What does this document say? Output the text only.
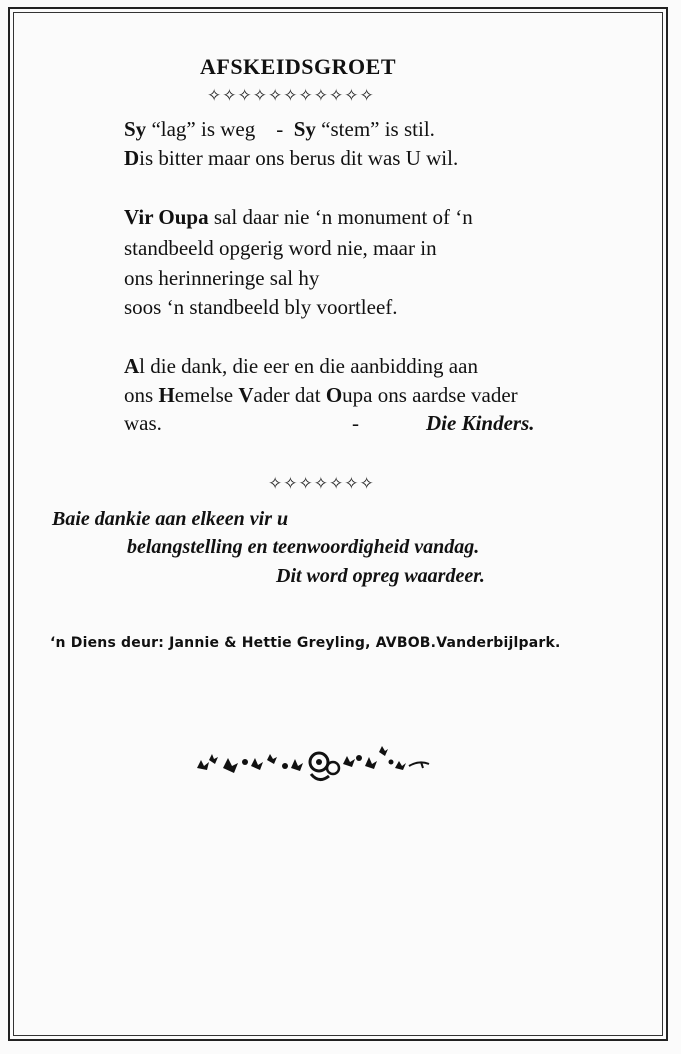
AFSKEIDSGROET
✧✧✧✧✧✧✧✧✧✧✧
Sy “lag” is weg    -  Sy “stem” is stil.
Dis bitter maar ons berus dit was U wil.
Vir Oupa sal daar nie ‘n monument of ‘n
standbeeld opgerig word nie, maar in
ons herinneringe sal hy
soos ‘n standbeeld bly voortleef.
Al die dank, die eer en die aanbidding aan
ons Hemelse Vader dat Oupa ons aardse vader
was.	-	Die Kinders.
✧✧✧✧✧✧✧
Baie dankie aan elkeen vir u
belangstelling en teenwoordigheid vandag.
Dit word opreg waardeer.
‘n Diens deur: Jannie & Hettie Greyling, AVBOB.Vanderbijlpark.
